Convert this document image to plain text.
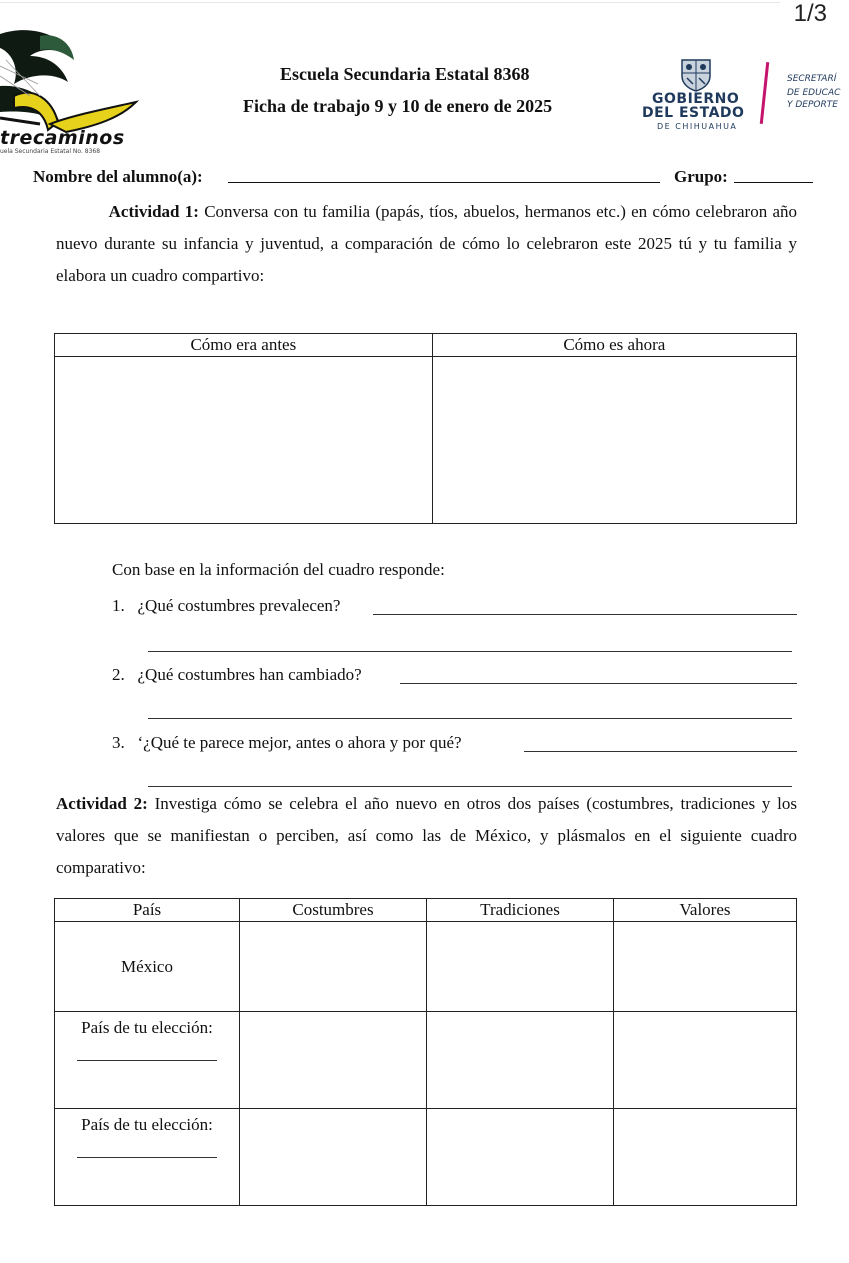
1/3
trecaminos
uela Secundaria Estatal No. 8368
Escuela Secundaria Estatal 8368
Ficha de trabajo 9 y 10 de enero de 2025	GOBIERNO
DEL ESTADO
DE CHIHUAHUA
SECRETARÍ
DE EDUCAC
Y DEPORTE
Nombre del alumno(a):	Grupo:
Actividad 1: Conversa con tu familia (papás, tíos, abuelos, hermanos etc.) en cómo celebraron año nuevo durante su infancia y juventud, a comparación de cómo lo celebraron este 2025 tú y tu familia y elabora un cuadro compartivo:
Cómo era antes	Cómo es ahora

Con base en la información del cuadro responde:
1.   ¿Qué costumbres prevalecen?
2.   ¿Qué costumbres han cambiado?
3.   ‘¿Qué te parece mejor, antes o ahora y por qué?
Actividad 2: Investiga cómo se celebra el año nuevo en otros dos países (costumbres, tradiciones y los valores que se manifiestan o perciben, así como las de México, y plásmalos en el siguiente cuadro comparativo:
País	Costumbres	Tradiciones	Valores
México			
País de tu elección:

País de tu elección:
